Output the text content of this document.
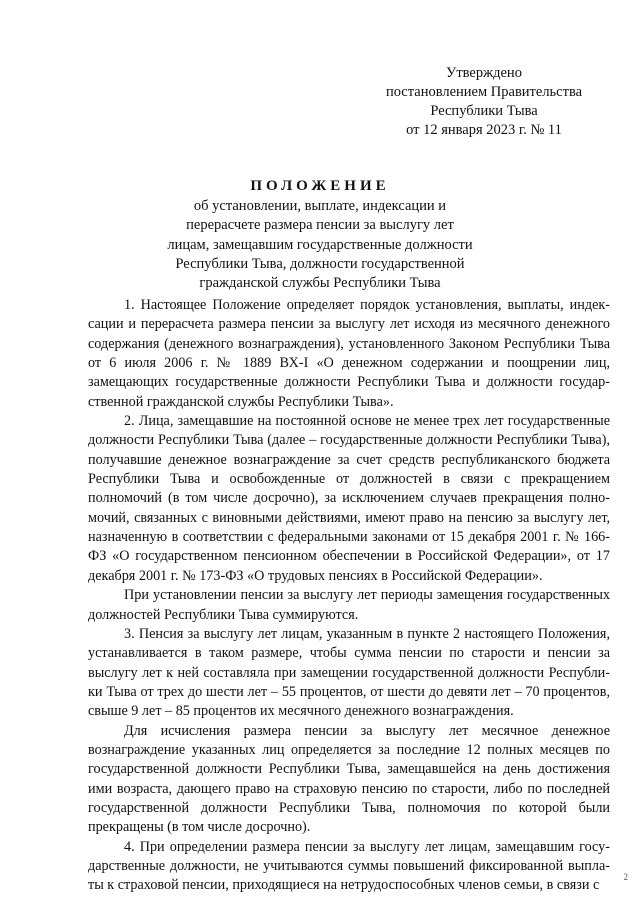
Утверждено
постановлением Правительства
Республики Тыва
от 12 января 2023 г. № 11
ПОЛОЖЕНИЕ
об установлении, выплате, индексации и
перерасчете размера пенсии за выслугу лет
лицам, замещавшим государственные должности
Республики Тыва, должности государственной
гражданской службы Республики Тыва

1. Настоящее Положение определяет порядок установления, выплаты, индексации и перерасчета размера пенсии за выслугу лет исходя из месячного денежного содержания (денежного вознаграждения), установленного Законом Республики Тыва от 6 июля 2006 г. № 1889 ВХ-I «О денежном содержании и поощрении лиц, замещающих государственные должности Республики Тыва и должности государственной гражданской службы Республики Тыва».

2. Лица, замещавшие на постоянной основе не менее трех лет государственные должности Республики Тыва (далее – государственные должности Республики Тыва), получавшие денежное вознаграждение за счет средств республиканского бюджета Республики Тыва и освобожденные от должностей в связи с прекращением полномочий (в том числе досрочно), за исключением случаев прекращения полномочий, связанных с виновными действиями, имеют право на пенсию за выслугу лет, назначенную в соответствии с федеральными законами от 15 декабря 2001 г. № 166-ФЗ «О государственном пенсионном обеспечении в Российской Федерации», от 17 декабря 2001 г. № 173-ФЗ «О трудовых пенсиях в Российской Федерации».

При установлении пенсии за выслугу лет периоды замещения государственных должностей Республики Тыва суммируются.

3. Пенсия за выслугу лет лицам, указанным в пункте 2 настоящего Положения, устанавливается в таком размере, чтобы сумма пенсии по старости и пенсии за выслугу лет к ней составляла при замещении государственной должности Республики Тыва от трех до шести лет – 55 процентов, от шести до девяти лет – 70 процентов, свыше 9 лет – 85 процентов их месячного денежного вознаграждения.

Для исчисления размера пенсии за выслугу лет месячное денежное вознаграждение указанных лиц определяется за последние 12 полных месяцев по государственной должности Республики Тыва, замещавшейся на день достижения ими возраста, дающего право на страховую пенсию по старости, либо по последней государственной должности Республики Тыва, полномочия по которой были прекращены (в том числе досрочно).

4. При определении размера пенсии за выслугу лет лицам, замещавшим государственные должности, не учитываются суммы повышений фиксированной выплаты к страховой пенсии, приходящиеся на нетрудоспособных членов семьи, в связи с

2
